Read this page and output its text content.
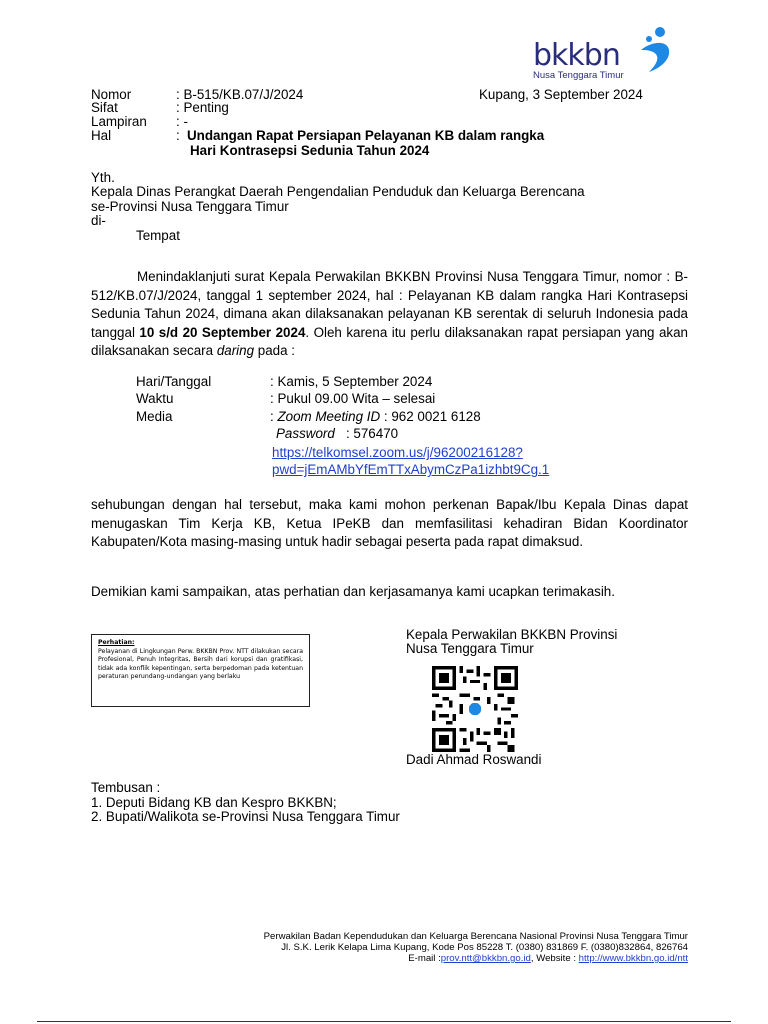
bkkbn
Nusa Tenggara Timur
Nomor	: B-515/KB.07/J/2024	Kupang, 3 September 2024
Sifat	: Penting
Lampiran : -
Hal	: Undangan Rapat Persiapan Pelayanan KB dalam rangka
Hari Kontrasepsi Sedunia Tahun 2024
Yth.
Kepala Dinas Perangkat Daerah Pengendalian Penduduk dan Keluarga Berencana
se-Provinsi Nusa Tenggara Timur
di-
Tempat
Menindaklanjuti surat Kepala Perwakilan BKKBN Provinsi Nusa Tenggara Timur, nomor : B-512/KB.07/J/2024, tanggal 1 september 2024, hal : Pelayanan KB dalam rangka Hari Kontrasepsi Sedunia Tahun 2024, dimana akan dilaksanakan pelayanan KB serentak di seluruh Indonesia pada tanggal 10 s/d 20 September 2024. Oleh karena itu perlu dilaksanakan rapat persiapan yang akan dilaksanakan secara daring pada :
Hari/Tanggal	: Kamis, 5 September 2024
Waktu	: Pukul 09.00 Wita – selesai
Media	: Zoom Meeting ID : 962 0021 6128
Password   : 576470
https://telkomsel.zoom.us/j/96200216128?
pwd=jEmAMbYfEmTTxAbymCzPa1izhbt9Cg.1
sehubungan dengan hal tersebut, maka kami mohon perkenan Bapak/Ibu Kepala Dinas dapat menugaskan Tim Kerja KB, Ketua IPeKB dan memfasilitasi kehadiran Bidan Koordinator Kabupaten/Kota masing-masing untuk hadir sebagai peserta pada rapat dimaksud.
Demikian kami sampaikan, atas perhatian dan kerjasamanya kami ucapkan terimakasih.
Perhatian:
Pelayanan di Lingkungan Perw. BKKBN Prov. NTT dilakukan secara Profesional, Penuh Integritas, Bersih dari korupsi dan gratifikasi, tidak ada konflik kepentingan, serta berpedoman pada ketentuan peraturan perundang-undangan yang berlaku
Kepala Perwakilan BKKBN Provinsi
Nusa Tenggara Timur
Dadi Ahmad Roswandi
Tembusan :
1. Deputi Bidang KB dan Kespro BKKBN;
2. Bupati/Walikota se-Provinsi Nusa Tenggara Timur
Perwakilan Badan Kependudukan dan Keluarga Berencana Nasional Provinsi Nusa Tenggara Timur
Jl. S.K. Lerik Kelapa Lima Kupang, Kode Pos 85228 T. (0380) 831869 F. (0380)832864, 826764
E-mail :prov.ntt@bkkbn.go.id, Website : http://www.bkkbn.go.id/ntt
